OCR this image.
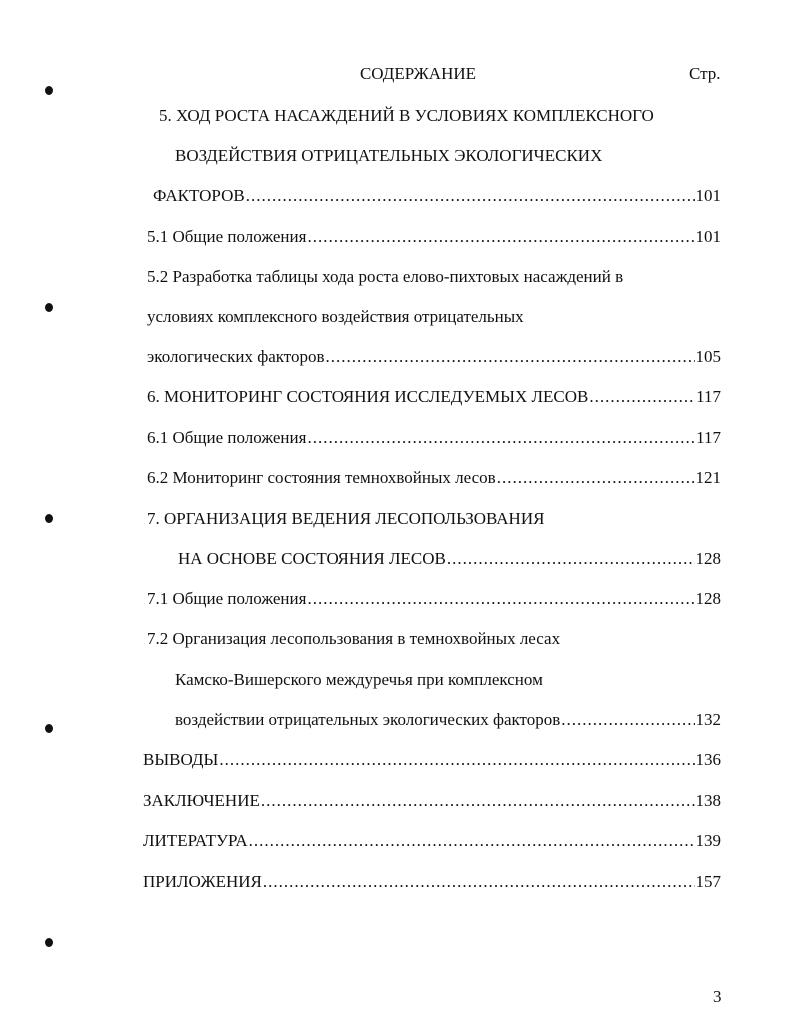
СОДЕРЖАНИЕ	Стр.
5. ХОД РОСТА НАСАЖДЕНИЙ В УСЛОВИЯХ КОМПЛЕКСНОГО
ВОЗДЕЙСТВИЯ ОТРИЦАТЕЛЬНЫХ ЭКОЛОГИЧЕСКИХ
ФАКТОРОВ .....	101
5.1 Общие положения .....	101
5.2 Разработка таблицы хода роста елово-пихтовых насаждений в
условиях комплексного воздействия отрицательных
экологических факторов .....	105
6. МОНИТОРИНГ СОСТОЯНИЯ ИССЛЕДУЕМЫХ ЛЕСОВ .....	117
6.1 Общие положения .....	117
6.2 Мониторинг состояния темнохвойных лесов .....	121
7. ОРГАНИЗАЦИЯ ВЕДЕНИЯ ЛЕСОПОЛЬЗОВАНИЯ
НА ОСНОВЕ СОСТОЯНИЯ ЛЕСОВ .....	128
7.1 Общие положения .....	128
7.2 Организация лесопользования в темнохвойных лесах
Камско-Вишерского междуречья при комплексном
воздействии отрицательных экологических факторов .....	132
ВЫВОДЫ .....	136
ЗАКЛЮЧЕНИЕ .....	138
ЛИТЕРАТУРА .....	139
ПРИЛОЖЕНИЯ .....	157
3
